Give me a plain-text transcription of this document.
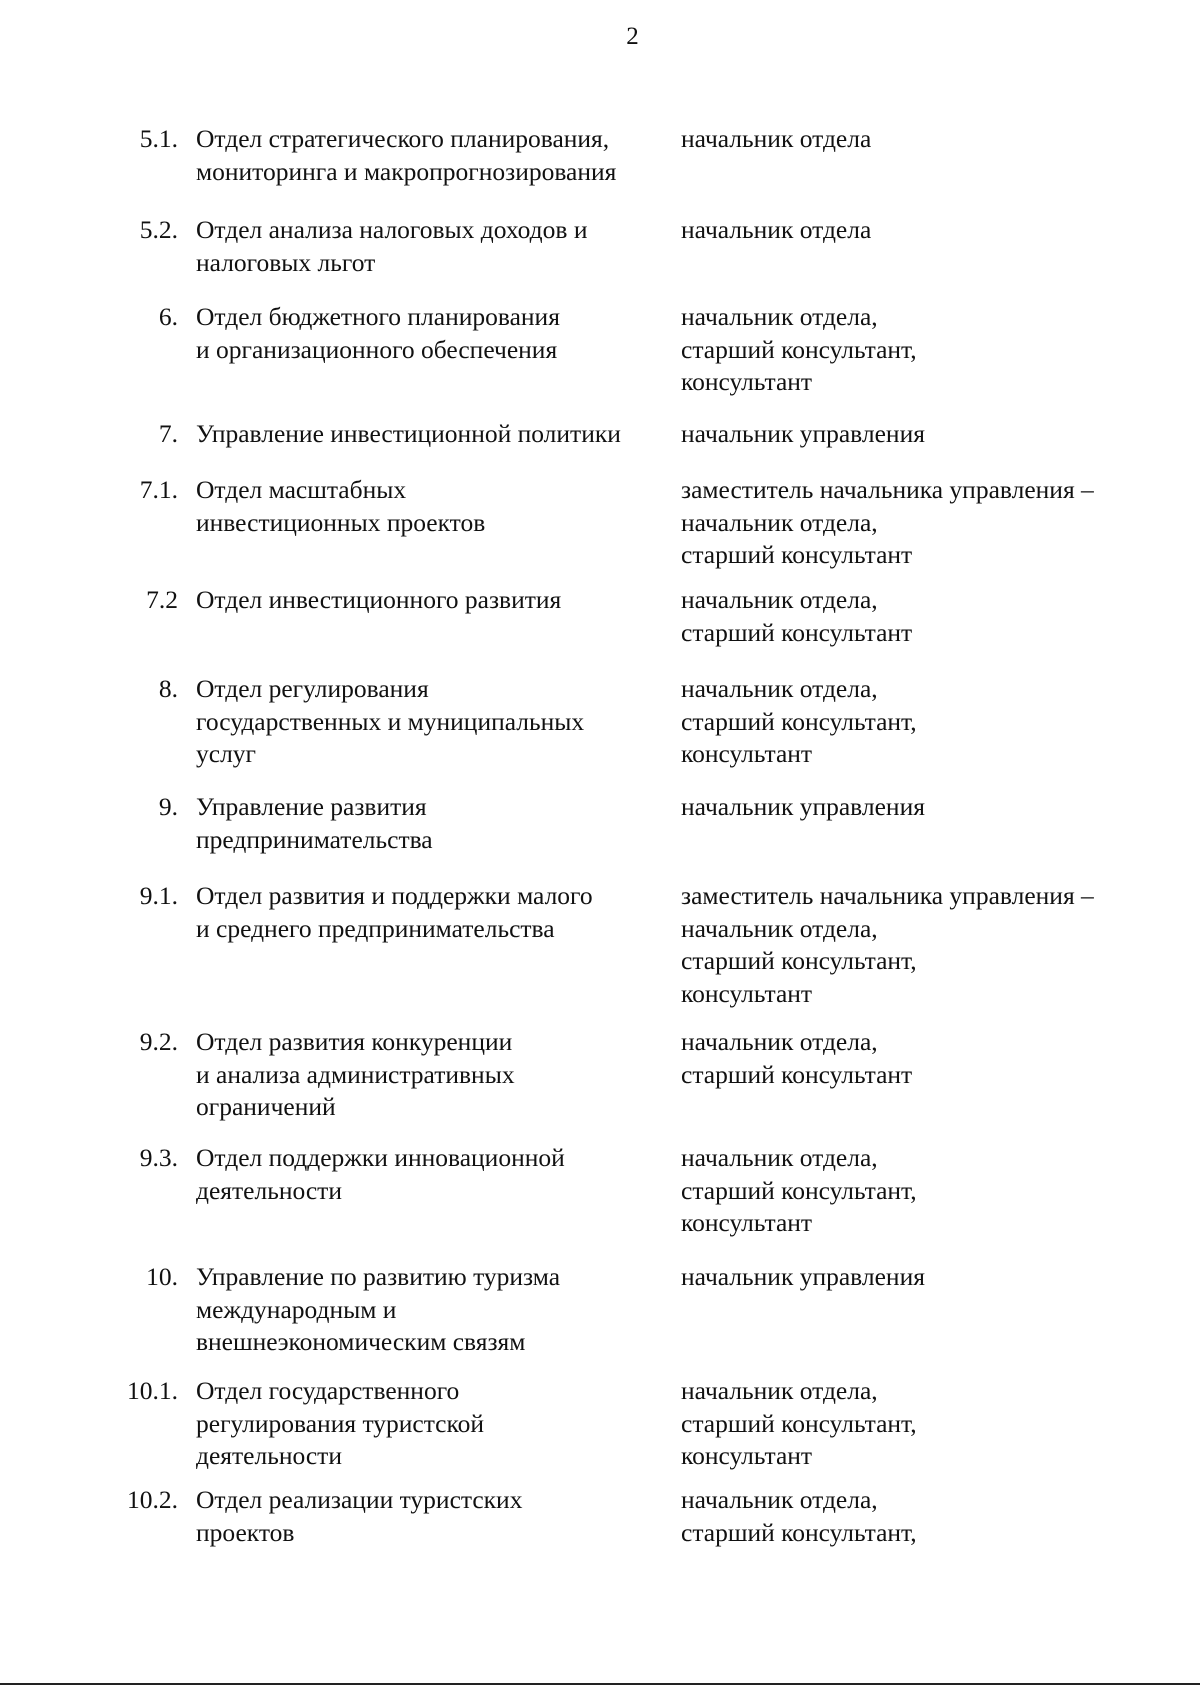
2
5.1. Отдел стратегического планирования,
мониторинга и макропрогнозирования
начальник отдела
5.2. Отдел анализа налоговых доходов и
налоговых льгот
начальник отдела
6. Отдел бюджетного планирования
и организационного обеспечения
начальник отдела,
старший консультант,
консультант
7. Управление инвестиционной политики	начальник управления
7.1. Отдел масштабных
инвестиционных проектов
заместитель начальника управления –
начальник отдела,
старший консультант
7.2 Отдел инвестиционного развития	начальник отдела,
старший консультант
8. Отдел регулирования
государственных и муниципальных
услуг
начальник отдела,
старший консультант,
консультант
9. Управление развития
предпринимательства
начальник управления
9.1. Отдел развития и поддержки малого
и среднего предпринимательства
заместитель начальника управления –
начальник отдела,
старший консультант,
консультант
9.2. Отдел развития конкуренции
и анализа административных
ограничений
начальник отдела,
старший консультант
9.3. Отдел поддержки инновационной
деятельности
начальник отдела,
старший консультант,
консультант
10. Управление по развитию туризма
международным и
внешнеэкономическим связям
начальник управления
10.1. Отдел государственного
регулирования туристской
деятельности
начальник отдела,
старший консультант,
консультант
10.2. Отдел реализации туристских
проектов
начальник отдела,
старший консультант,
